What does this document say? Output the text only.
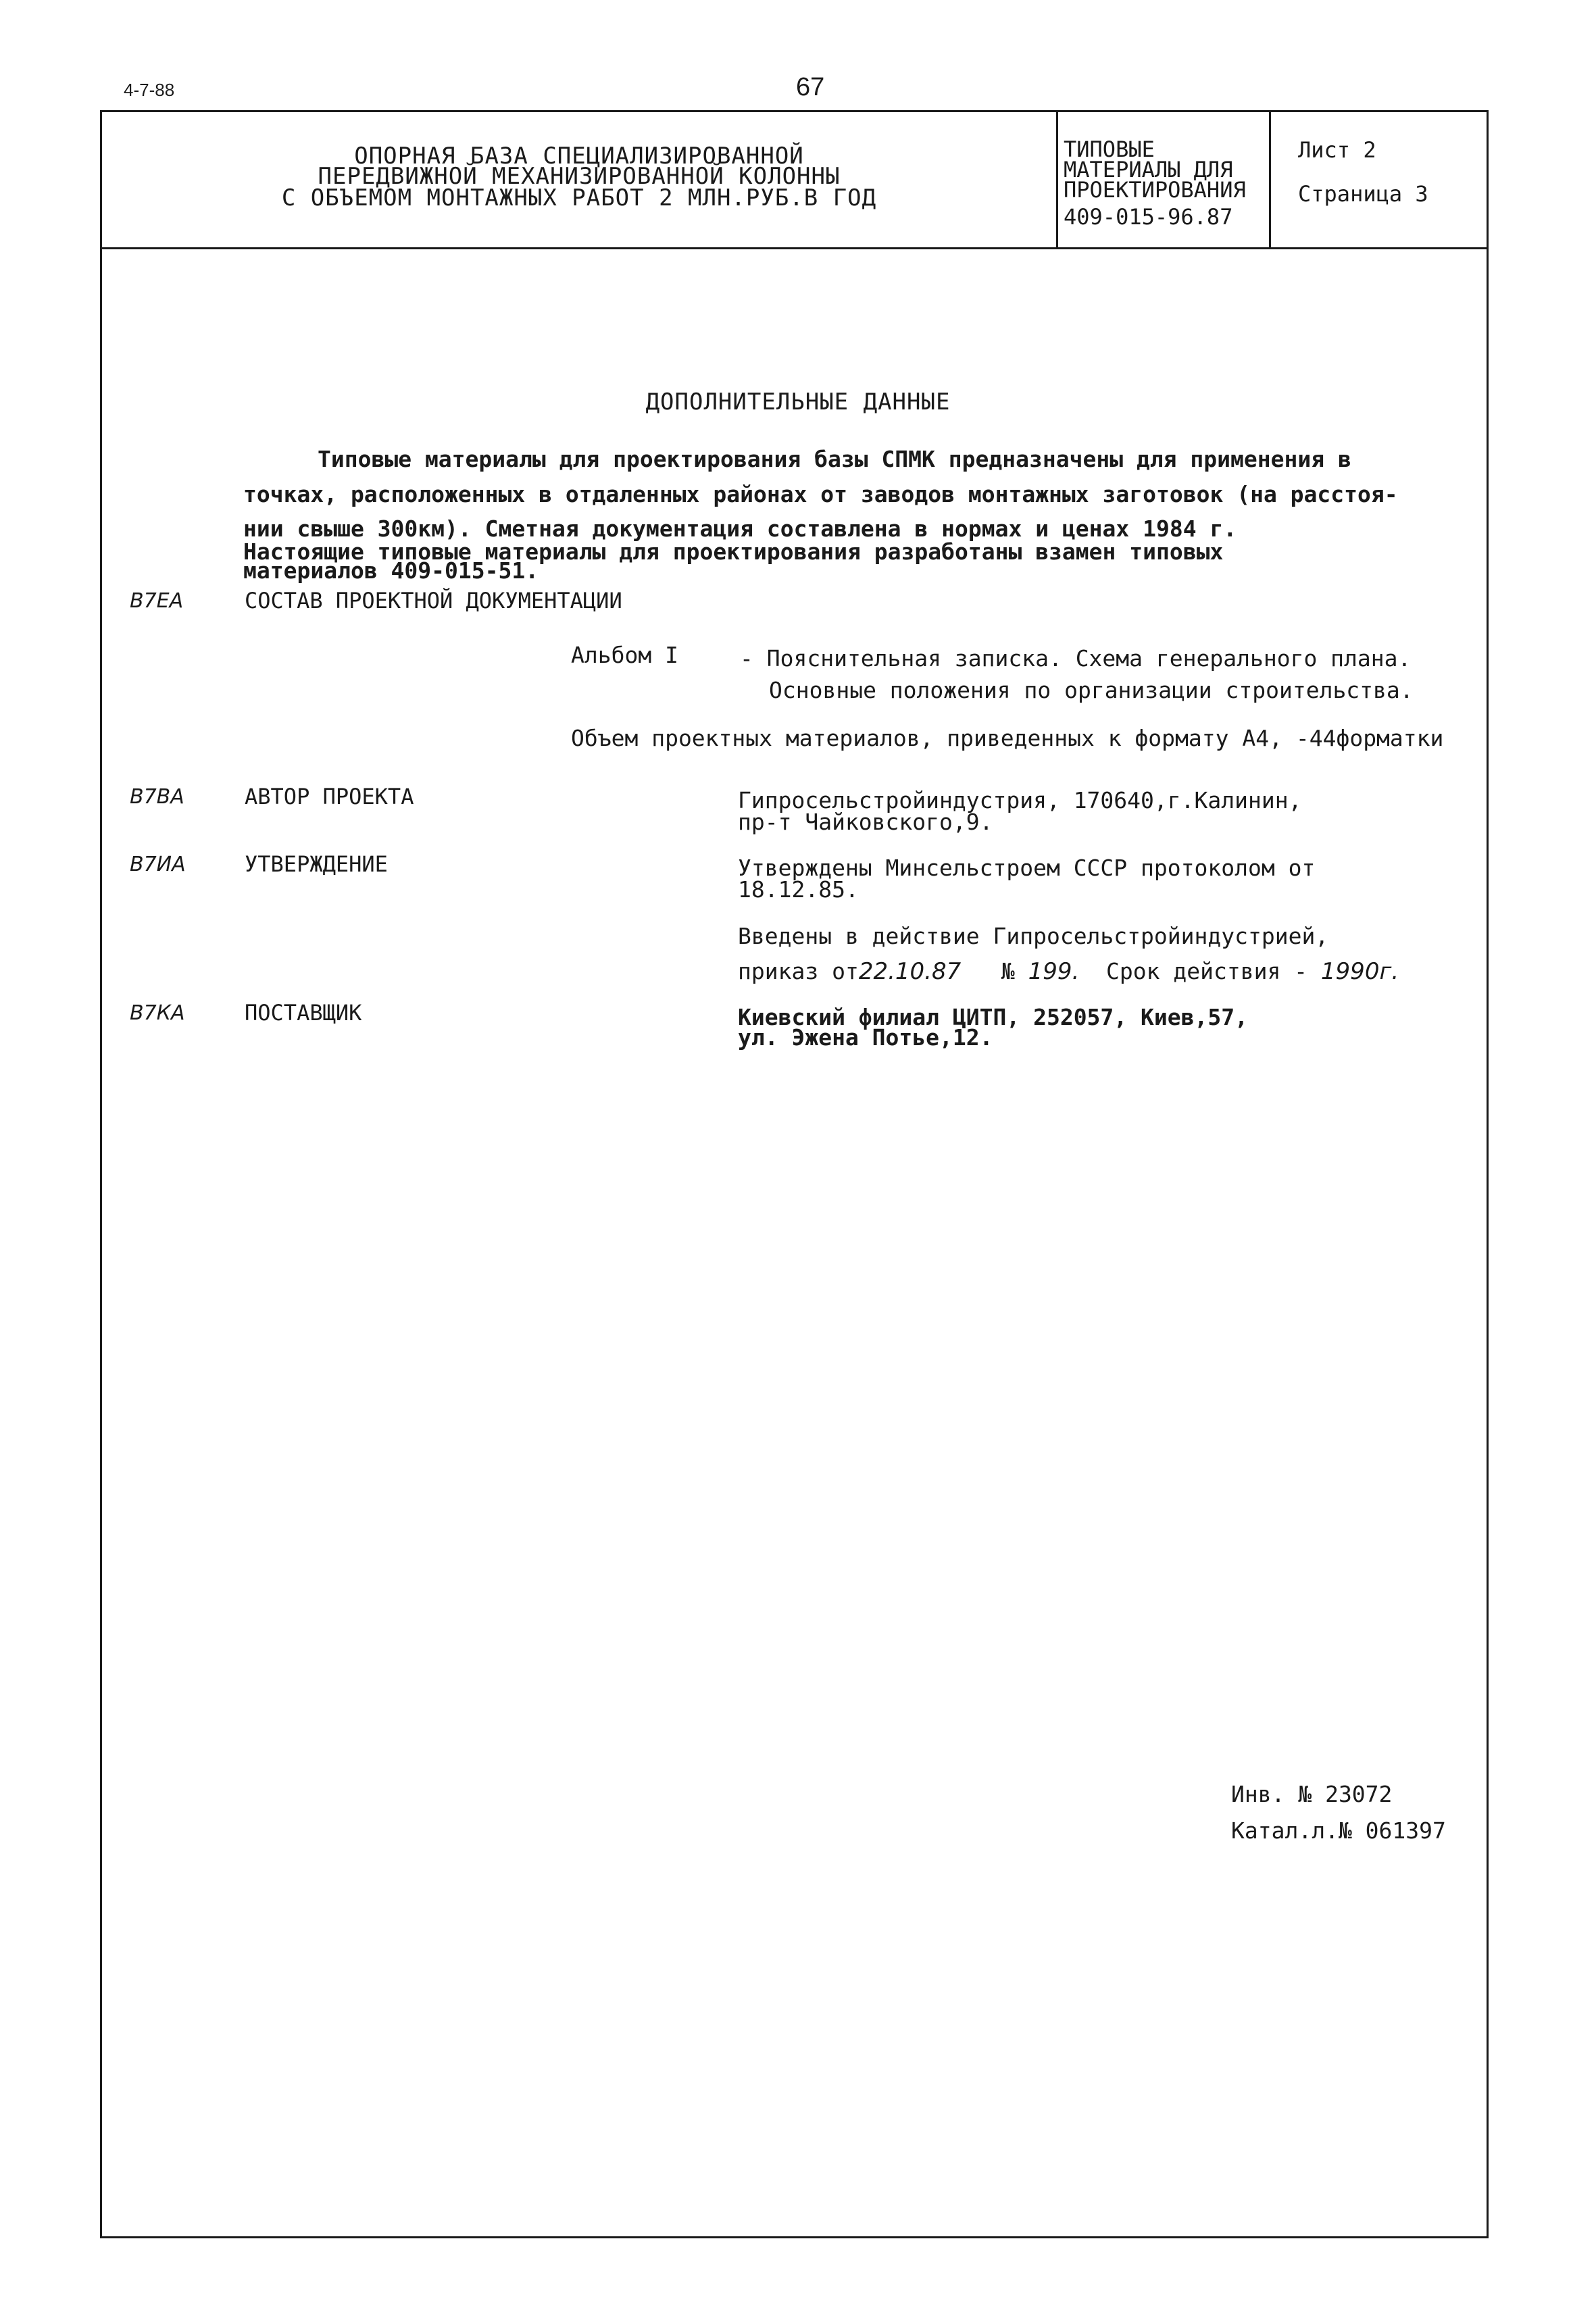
4-7-88	67
ОПОРНАЯ БАЗА СПЕЦИАЛИЗИРОВАННОЙ
ПЕРЕДВИЖНОЙ МЕХАНИЗИРОВАННОЙ КОЛОННЫ
С ОБЪЕМОМ МОНТАЖНЫХ РАБОТ 2 МЛН.РУБ.В ГОД
ТИПОВЫЕ
МАТЕРИАЛЫ ДЛЯ
ПРОЕКТИРОВАНИЯ
409-015-96.87
Лист 2
Страница 3
ДОПОЛНИТЕЛЬНЫЕ ДАННЫЕ
Типовые материалы для проектирования базы СПМК предназначены для применения в
точках, расположенных в отдаленных районах от заводов монтажных заготовок (на расстоя-
нии свыше 300км). Сметная документация составлена в нормах и ценах 1984 г.
Настоящие типовые материалы для проектирования разработаны взамен типовых
материалов 409-015-51.
В7ЕА	СОСТАВ ПРОЕКТНОЙ ДОКУМЕНТАЦИИ
Альбом I	- Пояснительная записка. Схема генерального плана.
Основные положения по организации строительства.
Объем проектных материалов, приведенных к формату А4, -44форматки
В7ВА	АВТОР ПРОЕКТА	Гипросельстройиндустрия, 170640,г.Калинин,
пр-т Чайковского,9.
В7ИА	УТВЕРЖДЕНИЕ	Утверждены Минсельстроем СССР протоколом от
18.12.85.
Введены в действие Гипросельстройиндустрией,
приказ от22.10.87 № 199. Срок действия - 1990г.
В7КА	ПОСТАВЩИК	Киевский филиал ЦИТП, 252057, Киев,57,
ул. Эжена Потье,12.
Инв. № 23072
Катал.л.№ 061397
